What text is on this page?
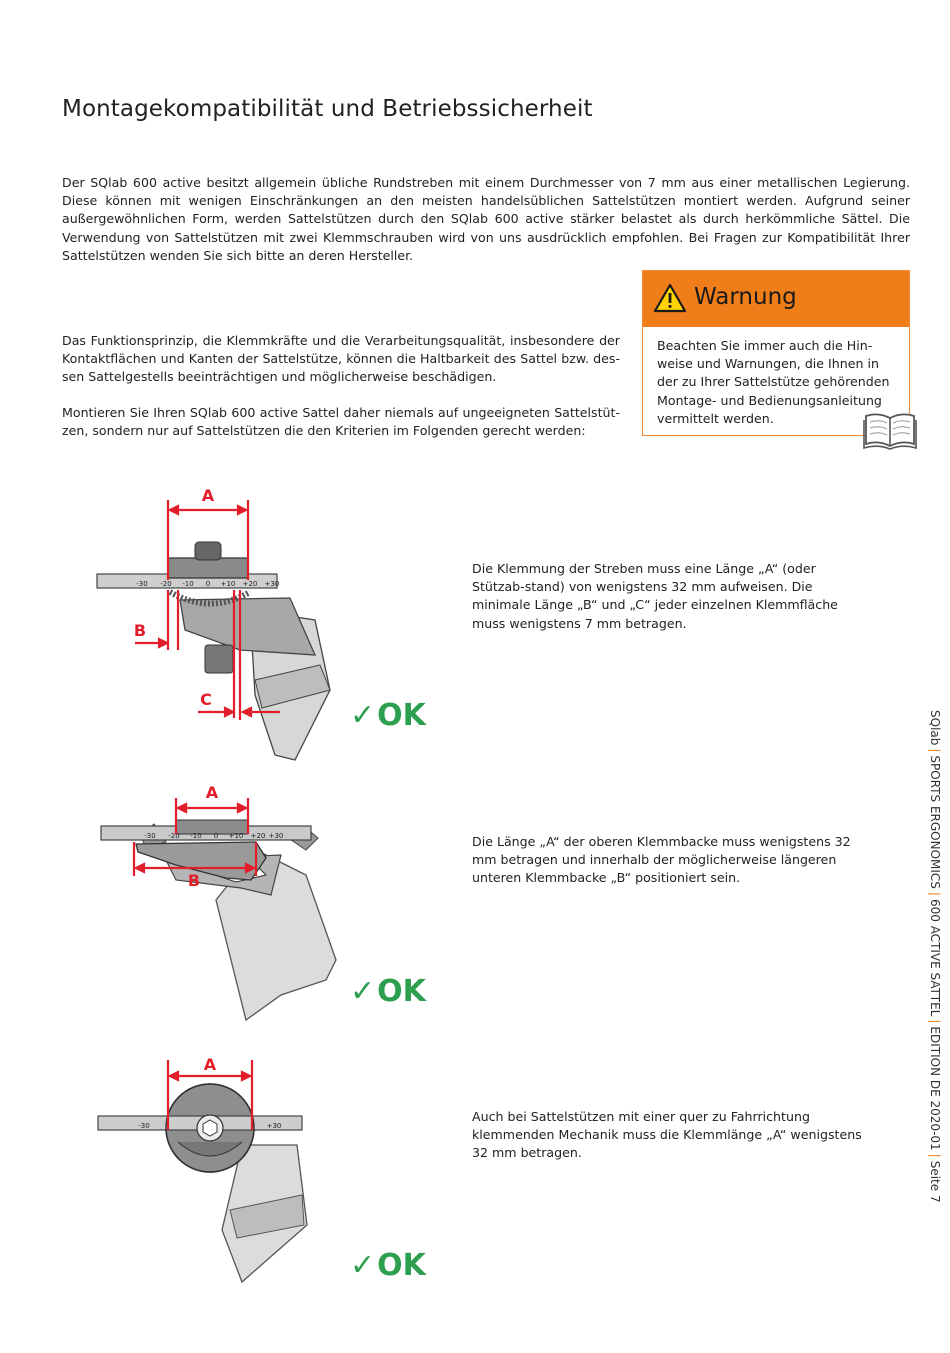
Montagekompatibilität und Betriebssicherheit

Der SQlab 600 active besitzt allgemein übliche Rundstreben mit einem Durchmesser von 7 mm aus einer metallischen Legierung. Diese können mit wenigen Einschränkungen an den meisten handelsüblichen Sattelstützen montiert werden. Aufgrund seiner außergewöhnlichen Form, werden Sattelstützen durch den SQlab 600 active stärker belastet als durch herkömmliche Sättel. Die Verwendung von Sattelstützen mit zwei Klemmschrauben wird von uns ausdrücklich empfohlen. Bei Fragen zur Kompatibilität Ihrer Sattelstützen wenden Sie sich bitte an deren Hersteller.

Das Funktionsprinzip, die Klemmkräfte und die Verarbeitungsqualität, insbesondere der Kontaktflächen und Kanten der Sattelstütze, können die Haltbarkeit des Sattel bzw. des-sen Sattelgestells beeinträchtigen und möglicherweise beschädigen.

Montieren Sie Ihren SQlab 600 active Sattel daher niemals auf ungeeigneten Sattelstüt-zen, sondern nur auf Sattelstützen die den Kriterien im Folgenden gerecht werden:

Warnung
Beachten Sie immer auch die Hin-weise und Warnungen, die Ihnen in der zu Ihrer Sattelstütze gehörenden Montage- und Bedienungsanleitung vermittelt werden.
-30 -20 -10 0 +10 +20 +30
A
B
C
Die Klemmung der Streben muss eine Länge „A“ (oder Stützab-stand) von wenigstens 32 mm aufweisen. Die minimale Länge „B“ und „C“ jeder einzelnen Klemmfläche muss wenigstens 7 mm betragen.
✓OK
-30 -20 -10 0 +10 +20 +30
A
B
Die Länge „A“ der oberen Klemmbacke muss wenigstens 32 mm betragen und innerhalb der möglicherweise längeren unteren Klemmbacke „B“ positioniert sein.
✓OK
-30	+30
A
Auch bei Sattelstützen mit einer quer zu Fahrrichtung klemmenden Mechanik muss die Klemmlänge „A“ wenigstens 32 mm betragen.
✓OK
SQlab|SPORTS ERGONOMICS|600 ACTIVE SATTEL|EDITION DE 2020-01|Seite 7
